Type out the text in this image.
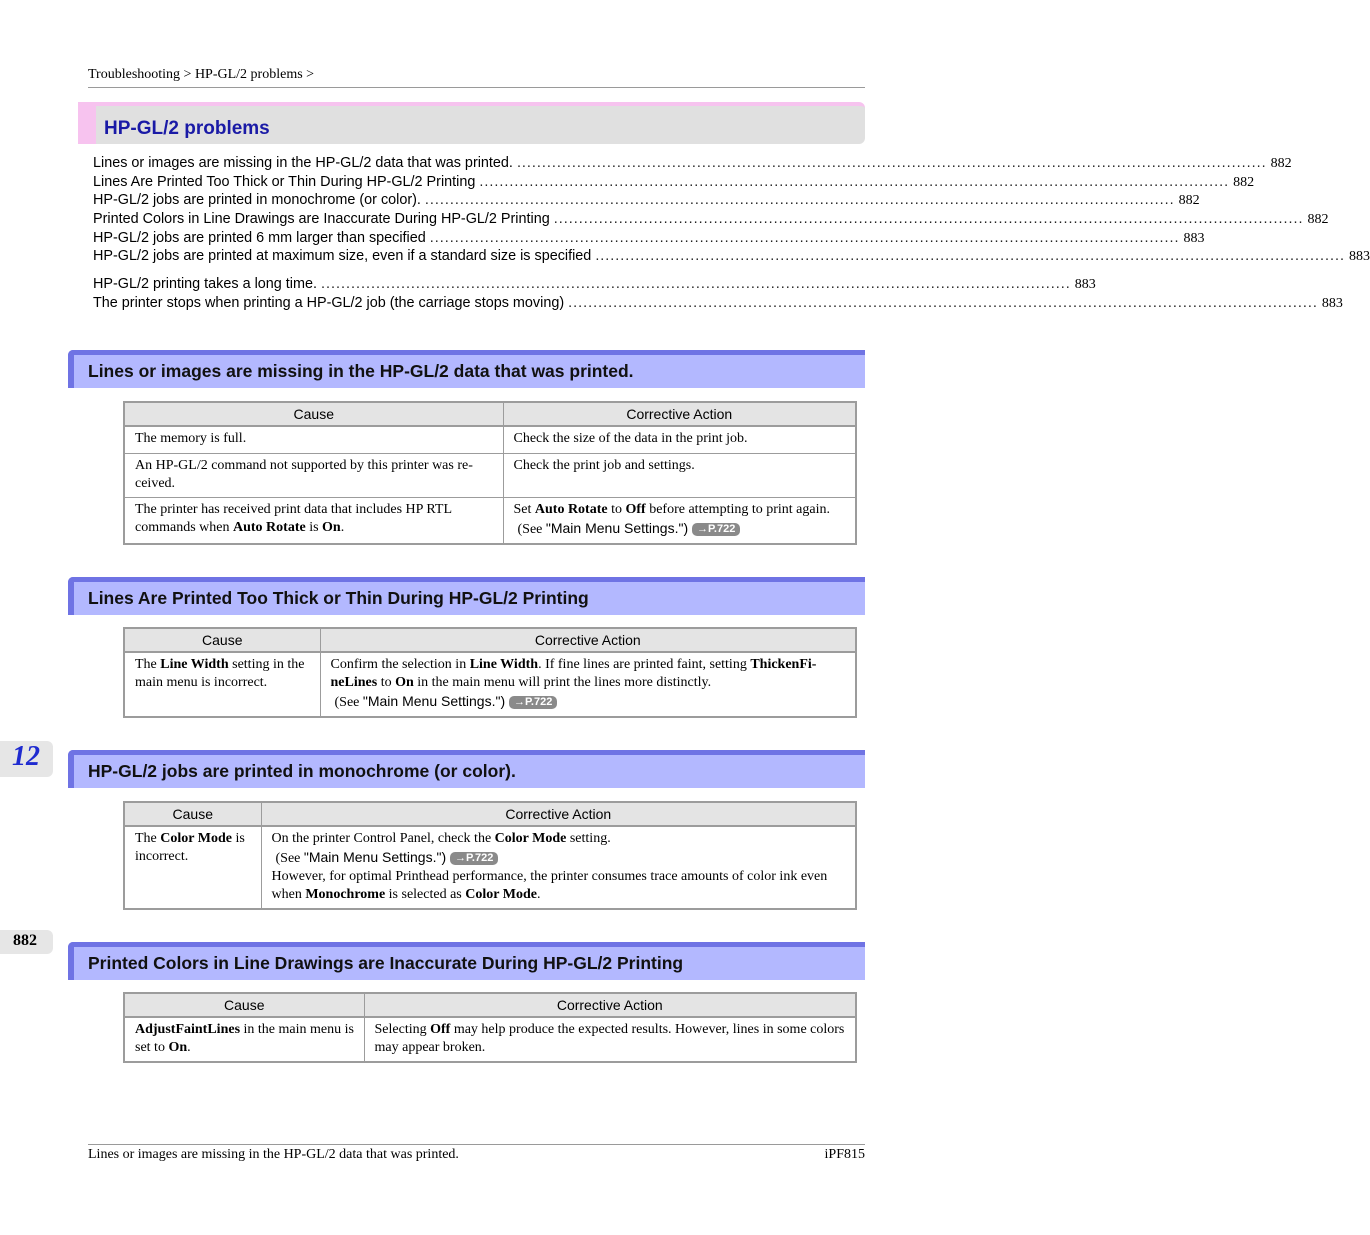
Troubleshooting > HP-GL/2 problems >
HP-GL/2 problems
Lines or images are missing in the HP-GL/2 data that was printed. ...................................................................................................................................................... 882
Lines Are Printed Too Thick or Thin During HP-GL/2 Printing ...................................................................................................................................................... 882
HP-GL/2 jobs are printed in monochrome (or color). ...................................................................................................................................................... 882
Printed Colors in Line Drawings are Inaccurate During HP-GL/2 Printing ...................................................................................................................................................... 882
HP-GL/2 jobs are printed 6 mm larger than specified ...................................................................................................................................................... 883
HP-GL/2 jobs are printed at maximum size, even if a standard size is specified ...................................................................................................................................................... 883
HP-GL/2 printing takes a long time. ...................................................................................................................................................... 883
The printer stops when printing a HP-GL/2 job (the carriage stops moving) ...................................................................................................................................................... 883
Lines or images are missing in the HP-GL/2 data that was printed.
Cause	Corrective Action
The memory is full.	Check the size of the data in the print job.
An HP-GL/2 command not supported by this printer was re-ceived.	Check the print job and settings.
The printer has received print data that includes HP RTL commands when Auto Rotate is On.	Set Auto Rotate to Off before attempting to print again.
(See "Main Menu Settings.") →P.722
Lines Are Printed Too Thick or Thin During HP-GL/2 Printing
Cause	Corrective Action
The Line Width setting in the main menu is incorrect.	Confirm the selection in Line Width. If fine lines are printed faint, setting ThickenFi-neLines to On in the main menu will print the lines more distinctly.
(See "Main Menu Settings.") →P.722
12	HP-GL/2 jobs are printed in monochrome (or color).
Cause	Corrective Action
The Color Mode is incorrect.	On the printer Control Panel, check the Color Mode setting.
(See "Main Menu Settings.") →P.722
However, for optimal Printhead performance, the printer consumes trace amounts of color ink even when Monochrome is selected as Color Mode.
882
Printed Colors in Line Drawings are Inaccurate During HP-GL/2 Printing
Cause	Corrective Action
AdjustFaintLines in the main menu is set to On.	Selecting Off may help produce the expected results. However, lines in some colors may appear broken.
Lines or images are missing in the HP-GL/2 data that was printed.	iPF815
